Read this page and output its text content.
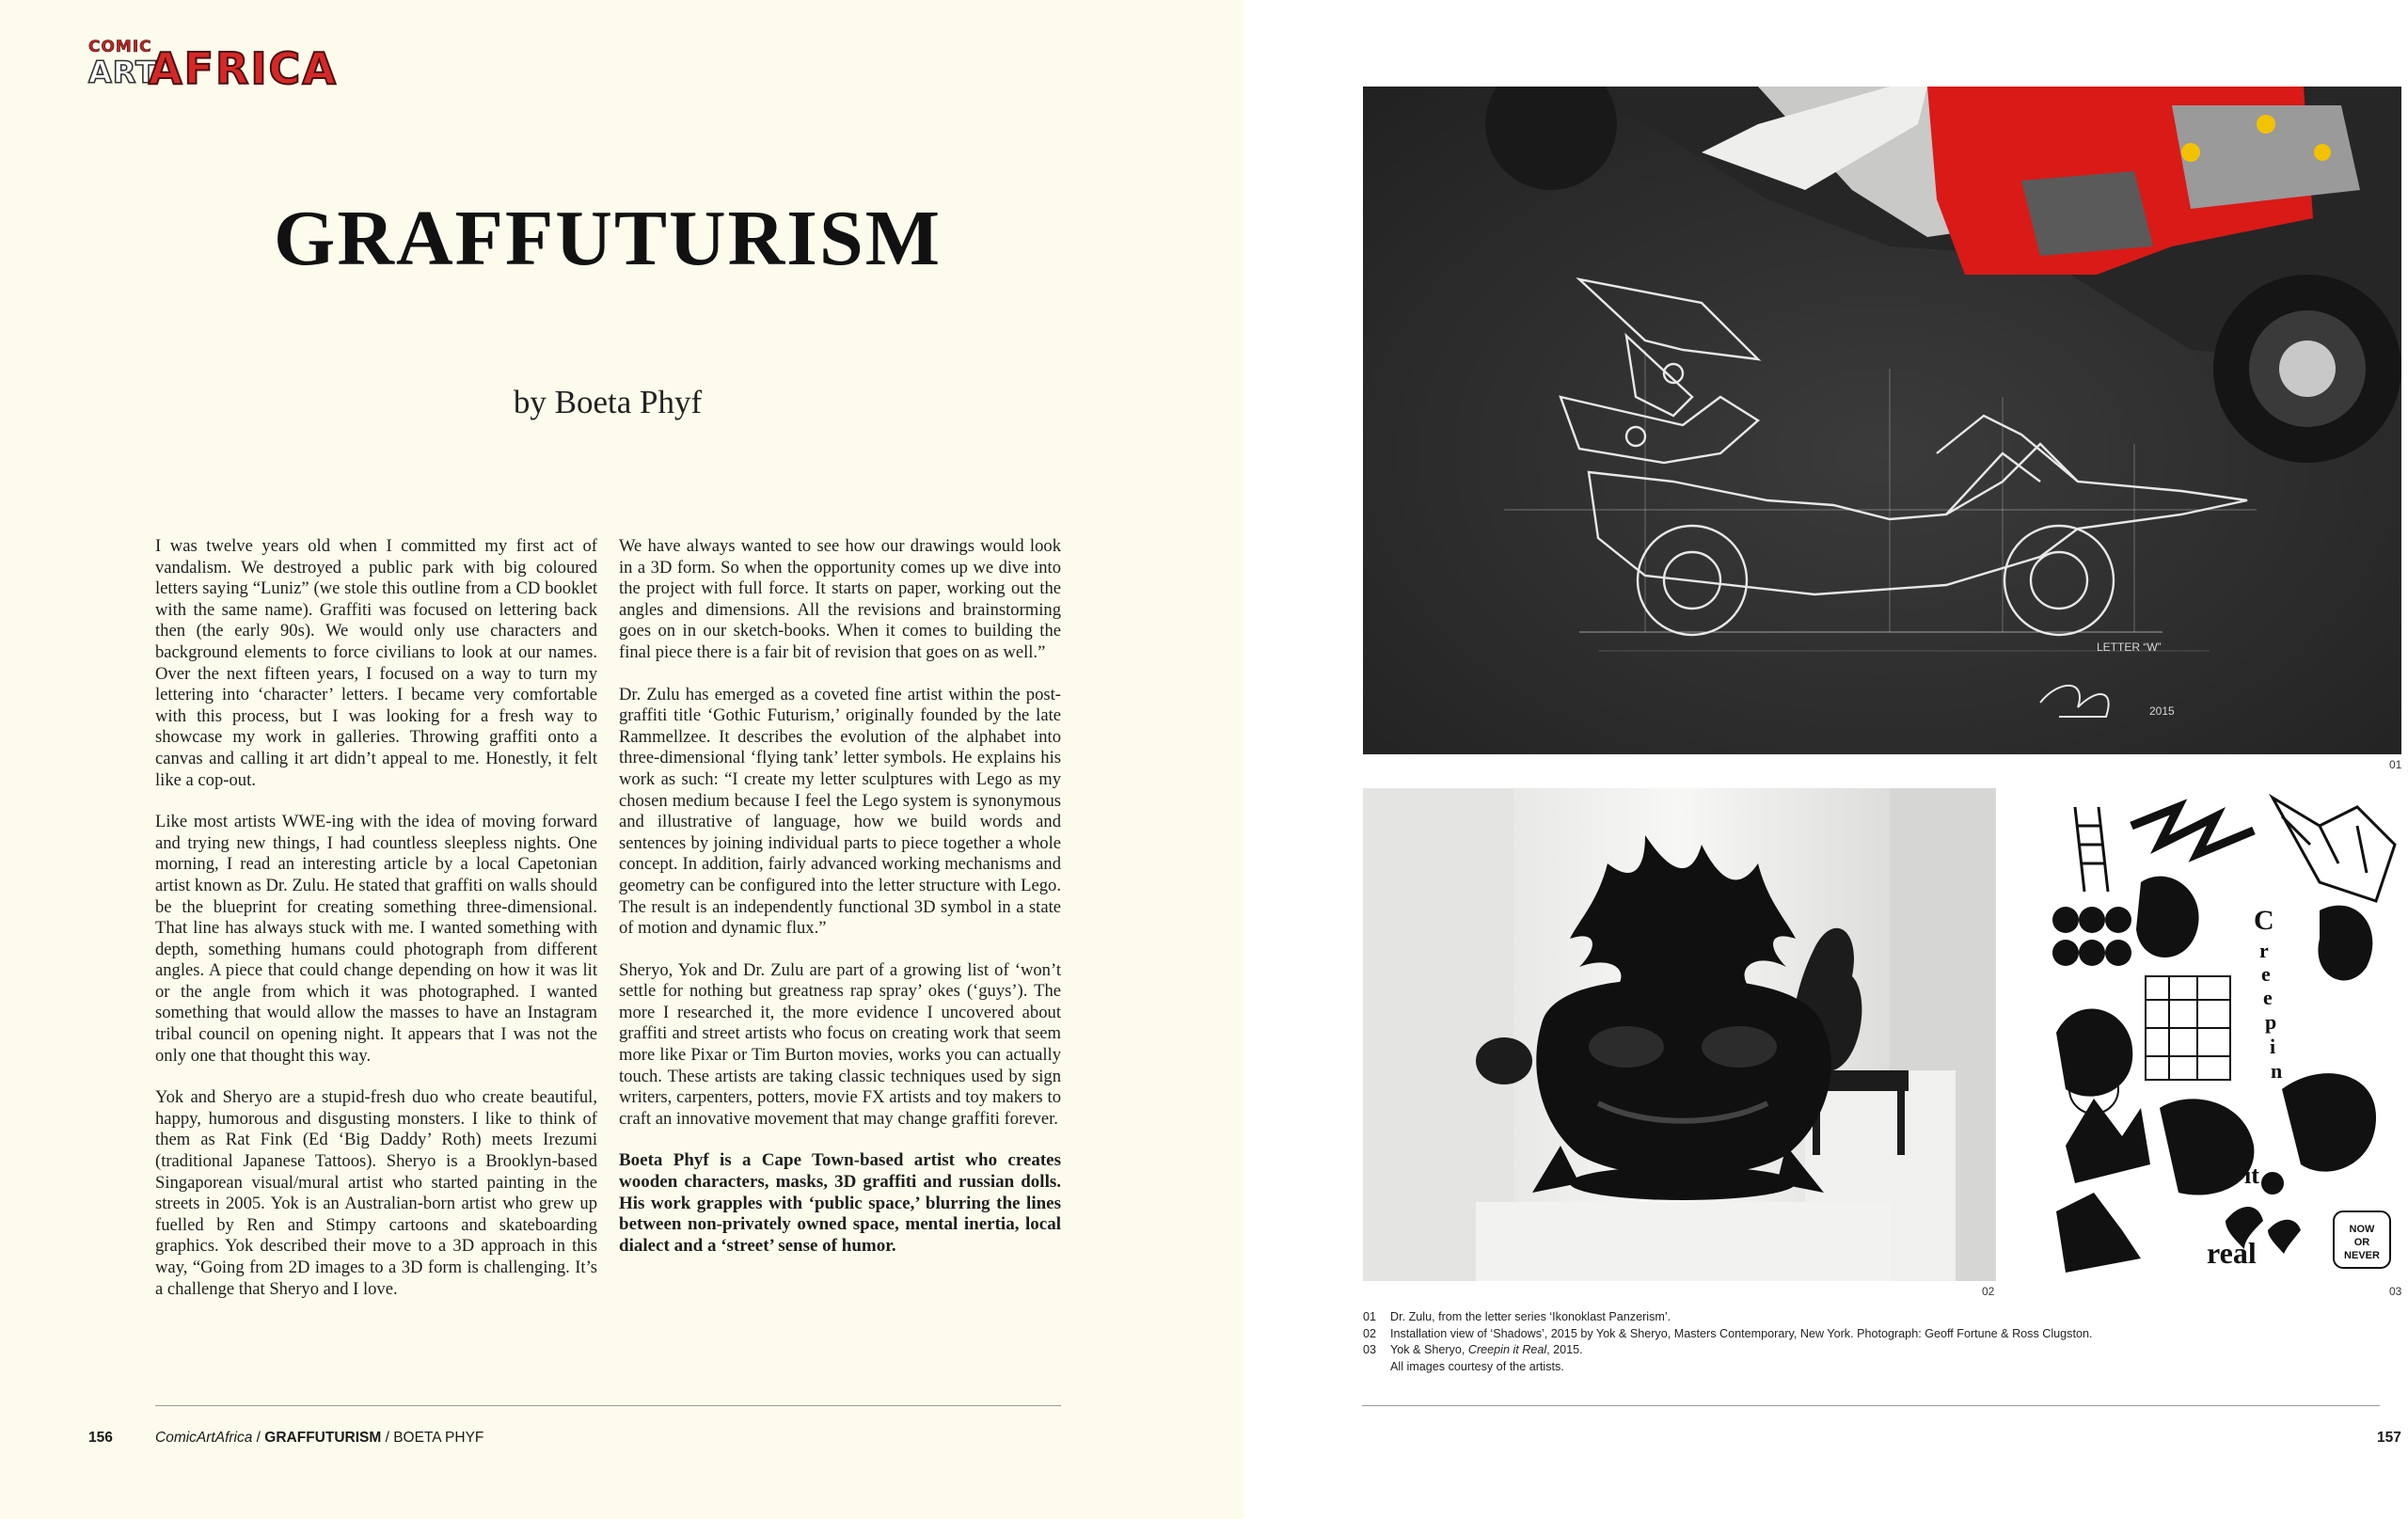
COMIC
ART
AFRICA
GRAFFUTURISM
by Boeta Phyf

I was twelve years old when I committed my first act of vandalism. We destroyed a public park with big coloured letters saying “Luniz” (we stole this outline from a CD booklet with the same name). Graffiti was focused on lettering back then (the early 90s). We would only use characters and background elements to force civilians to look at our names. Over the next fifteen years, I focused on a way to turn my lettering into ‘character’ letters. I became very comfortable with this process, but I was looking for a fresh way to showcase my work in galleries. Throwing graffiti onto a canvas and calling it art didn’t appeal to me. Honestly, it felt like a cop-out.

Like most artists WWE-ing with the idea of moving forward and trying new things, I had countless sleepless nights. One morning, I read an interesting article by a local Capetonian artist known as Dr. Zulu. He stated that graffiti on walls should be the blueprint for creating something three-dimensional. That line has always stuck with me. I wanted something with depth, something humans could photograph from different angles. A piece that could change depending on how it was lit or the angle from which it was photographed. I wanted something that would allow the masses to have an Instagram tribal council on opening night. It appears that I was not the only one that thought this way.

Yok and Sheryo are a stupid-fresh duo who create beautiful, happy, humorous and disgusting monsters. I like to think of them as Rat Fink (Ed ‘Big Daddy’ Roth) meets Irezumi (traditional Japanese Tattoos). Sheryo is a Brooklyn-based Singaporean visual/mural artist who started painting in the streets in 2005. Yok is an Australian-born artist who grew up fuelled by Ren and Stimpy cartoons and skateboarding graphics. Yok described their move to a 3D approach in this way, “Going from 2D images to a 3D form is challenging. It’s a challenge that Sheryo and I love.

We have always wanted to see how our drawings would look in a 3D form. So when the opportunity comes up we dive into the project with full force. It starts on paper, working out the angles and dimensions. All the revisions and brainstorming goes on in our sketch-books. When it comes to building the final piece there is a fair bit of revision that goes on as well.”

Dr. Zulu has emerged as a coveted fine artist within the post-graffiti title ‘Gothic Futurism,’ originally founded by the late Rammellzee. It describes the evolution of the alphabet into three-dimensional ‘flying tank’ letter symbols. He explains his work as such: “I create my letter sculptures with Lego as my chosen medium because I feel the Lego system is synonymous and illustrative of language, how we build words and sentences by joining individual parts to piece together a whole concept. In addition, fairly advanced working mechanisms and geometry can be configured into the letter structure with Lego. The result is an independently functional 3D symbol in a state of motion and dynamic flux.”

Sheryo, Yok and Dr. Zulu are part of a growing list of ‘won’t settle for nothing but greatness rap spray’ okes (‘guys’). The more I researched it, the more evidence I uncovered about graffiti and street artists who focus on creating work that seem more like Pixar or Tim Burton movies, works you can actually touch. These artists are taking classic techniques used by sign writers, carpenters, potters, movie FX artists and toy makers to craft an innovative movement that may change graffiti forever.

Boeta Phyf is a Cape Town-based artist who creates wooden characters, masks, 3D graffiti and russian dolls. His work grapples with ‘public space,’ blurring the lines between non-privately owned space, mental inertia, local dialect and a ‘street’ sense of humor.

156	ComicArtAfrica / GRAFFUTURISM / BOETA PHYF
LETTER “W”
2015
01
02
C
r
e
e
p
i
n
it
real
NOW
OR
NEVER
03
01	Dr. Zulu, from the letter series ‘Ikonoklast Panzerism’.
02	Installation view of ‘Shadows’, 2015 by Yok & Sheryo, Masters Contemporary, New York. Photograph: Geoff Fortune & Ross Clugston.
03	Yok & Sheryo, Creepin it Real, 2015.
All images courtesy of the artists.
157
